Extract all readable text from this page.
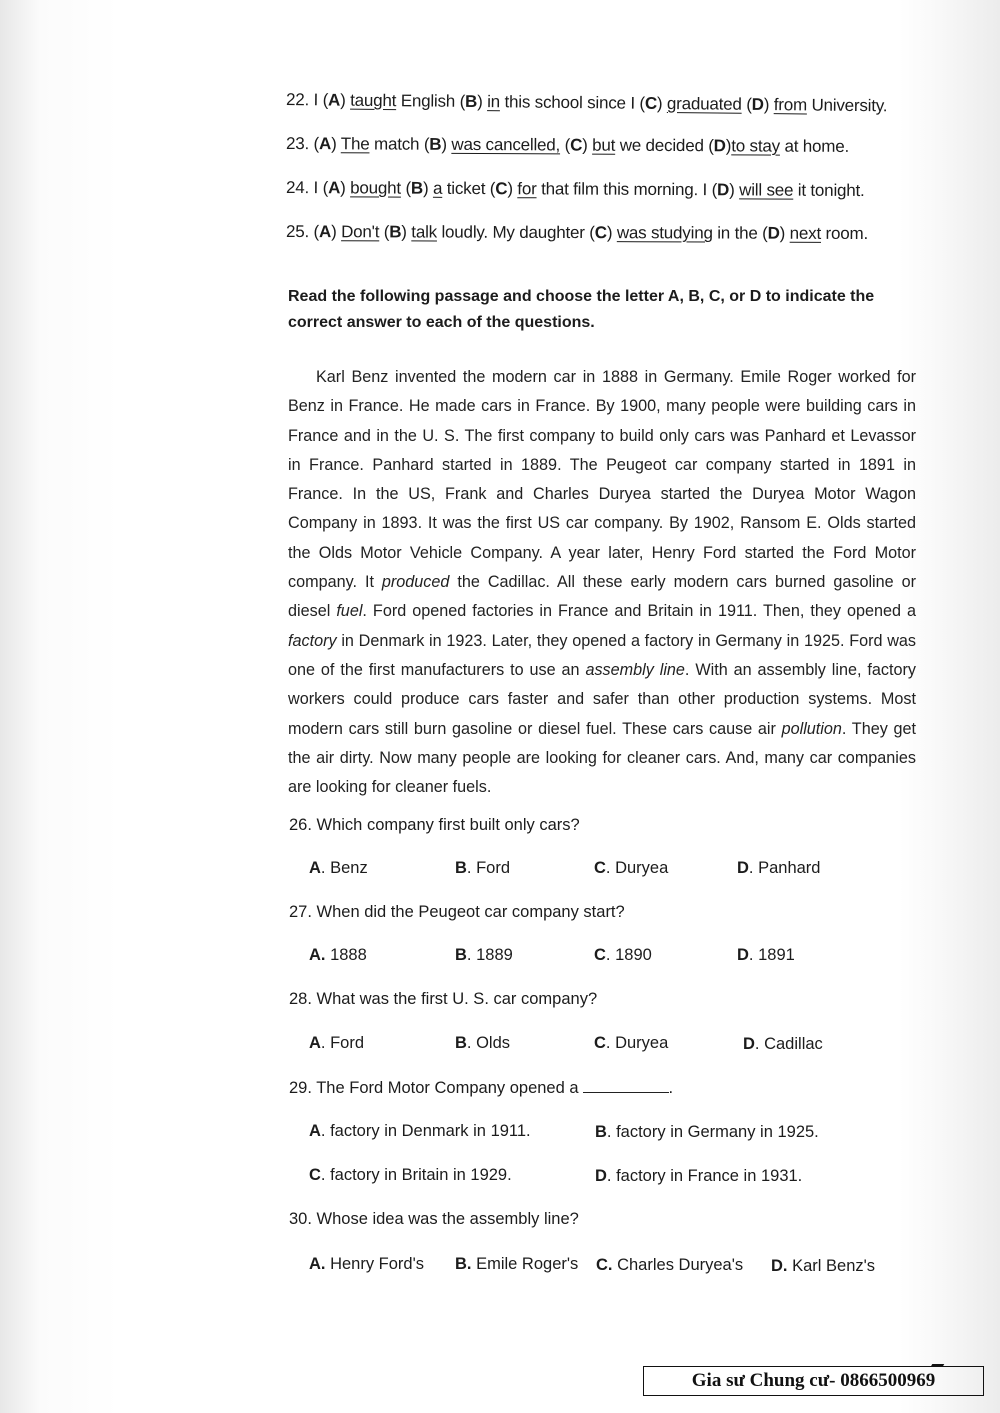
22. I (A) taught English (B) in this school since I (C) graduated (D) from University.
23. (A) The match (B) was cancelled, (C) but we decided (D)to stay at home.
24. I (A) bought (B) a ticket (C) for that film this morning. I (D) will see it tonight.
25. (A) Don't (B) talk loudly. My daughter (C) was studying in the (D) next room.
Read the following passage and choose the letter A, B, C, or D to indicate the correct answer to each of the questions.

Karl Benz invented the modern car in 1888 in Germany. Emile Roger worked for Benz in France. He made cars in France. By 1900, many people were building cars in France and in the U. S. The first company to build only cars was Panhard et Levassor in France. Panhard started in 1889. The Peugeot car company started in 1891 in France. In the US, Frank and Charles Duryea started the Duryea Motor Wagon Company in 1893. It was the first US car company. By 1902, Ransom E. Olds started the Olds Motor Vehicle Company. A year later, Henry Ford started the Ford Motor company. It produced the Cadillac. All these early modern cars burned gasoline or diesel fuel. Ford opened factories in France and Britain in 1911. Then, they opened a factory in Denmark in 1923. Later, they opened a factory in Germany in 1925. Ford was one of the first manufacturers to use an assembly line. With an assembly line, factory workers could produce cars faster and safer than other production systems. Most modern cars still burn gasoline or diesel fuel. These cars cause air pollution. They get the air dirty. Now many people are looking for cleaner cars. And, many car companies are looking for cleaner fuels.

26. Which company first built only cars?
A. Benz	B. Ford	C. Duryea	D. Panhard
27. When did the Peugeot car company start?
A. 1888	B. 1889	C. 1890	D. 1891
28. What was the first U. S. car company?
A. Ford	B. Olds	C. Duryea	D. Cadillac
29. The Ford Motor Company opened a	.
A. factory in Denmark in 1911.	B. factory in Germany in 1925.
C. factory in Britain in 1929.	D. factory in France in 1931.
30. Whose idea was the assembly line?
A. Henry Ford's B. Emile Roger's C. Charles Duryea's D. Karl Benz's
Gia sư Chung cư- 0866500969
